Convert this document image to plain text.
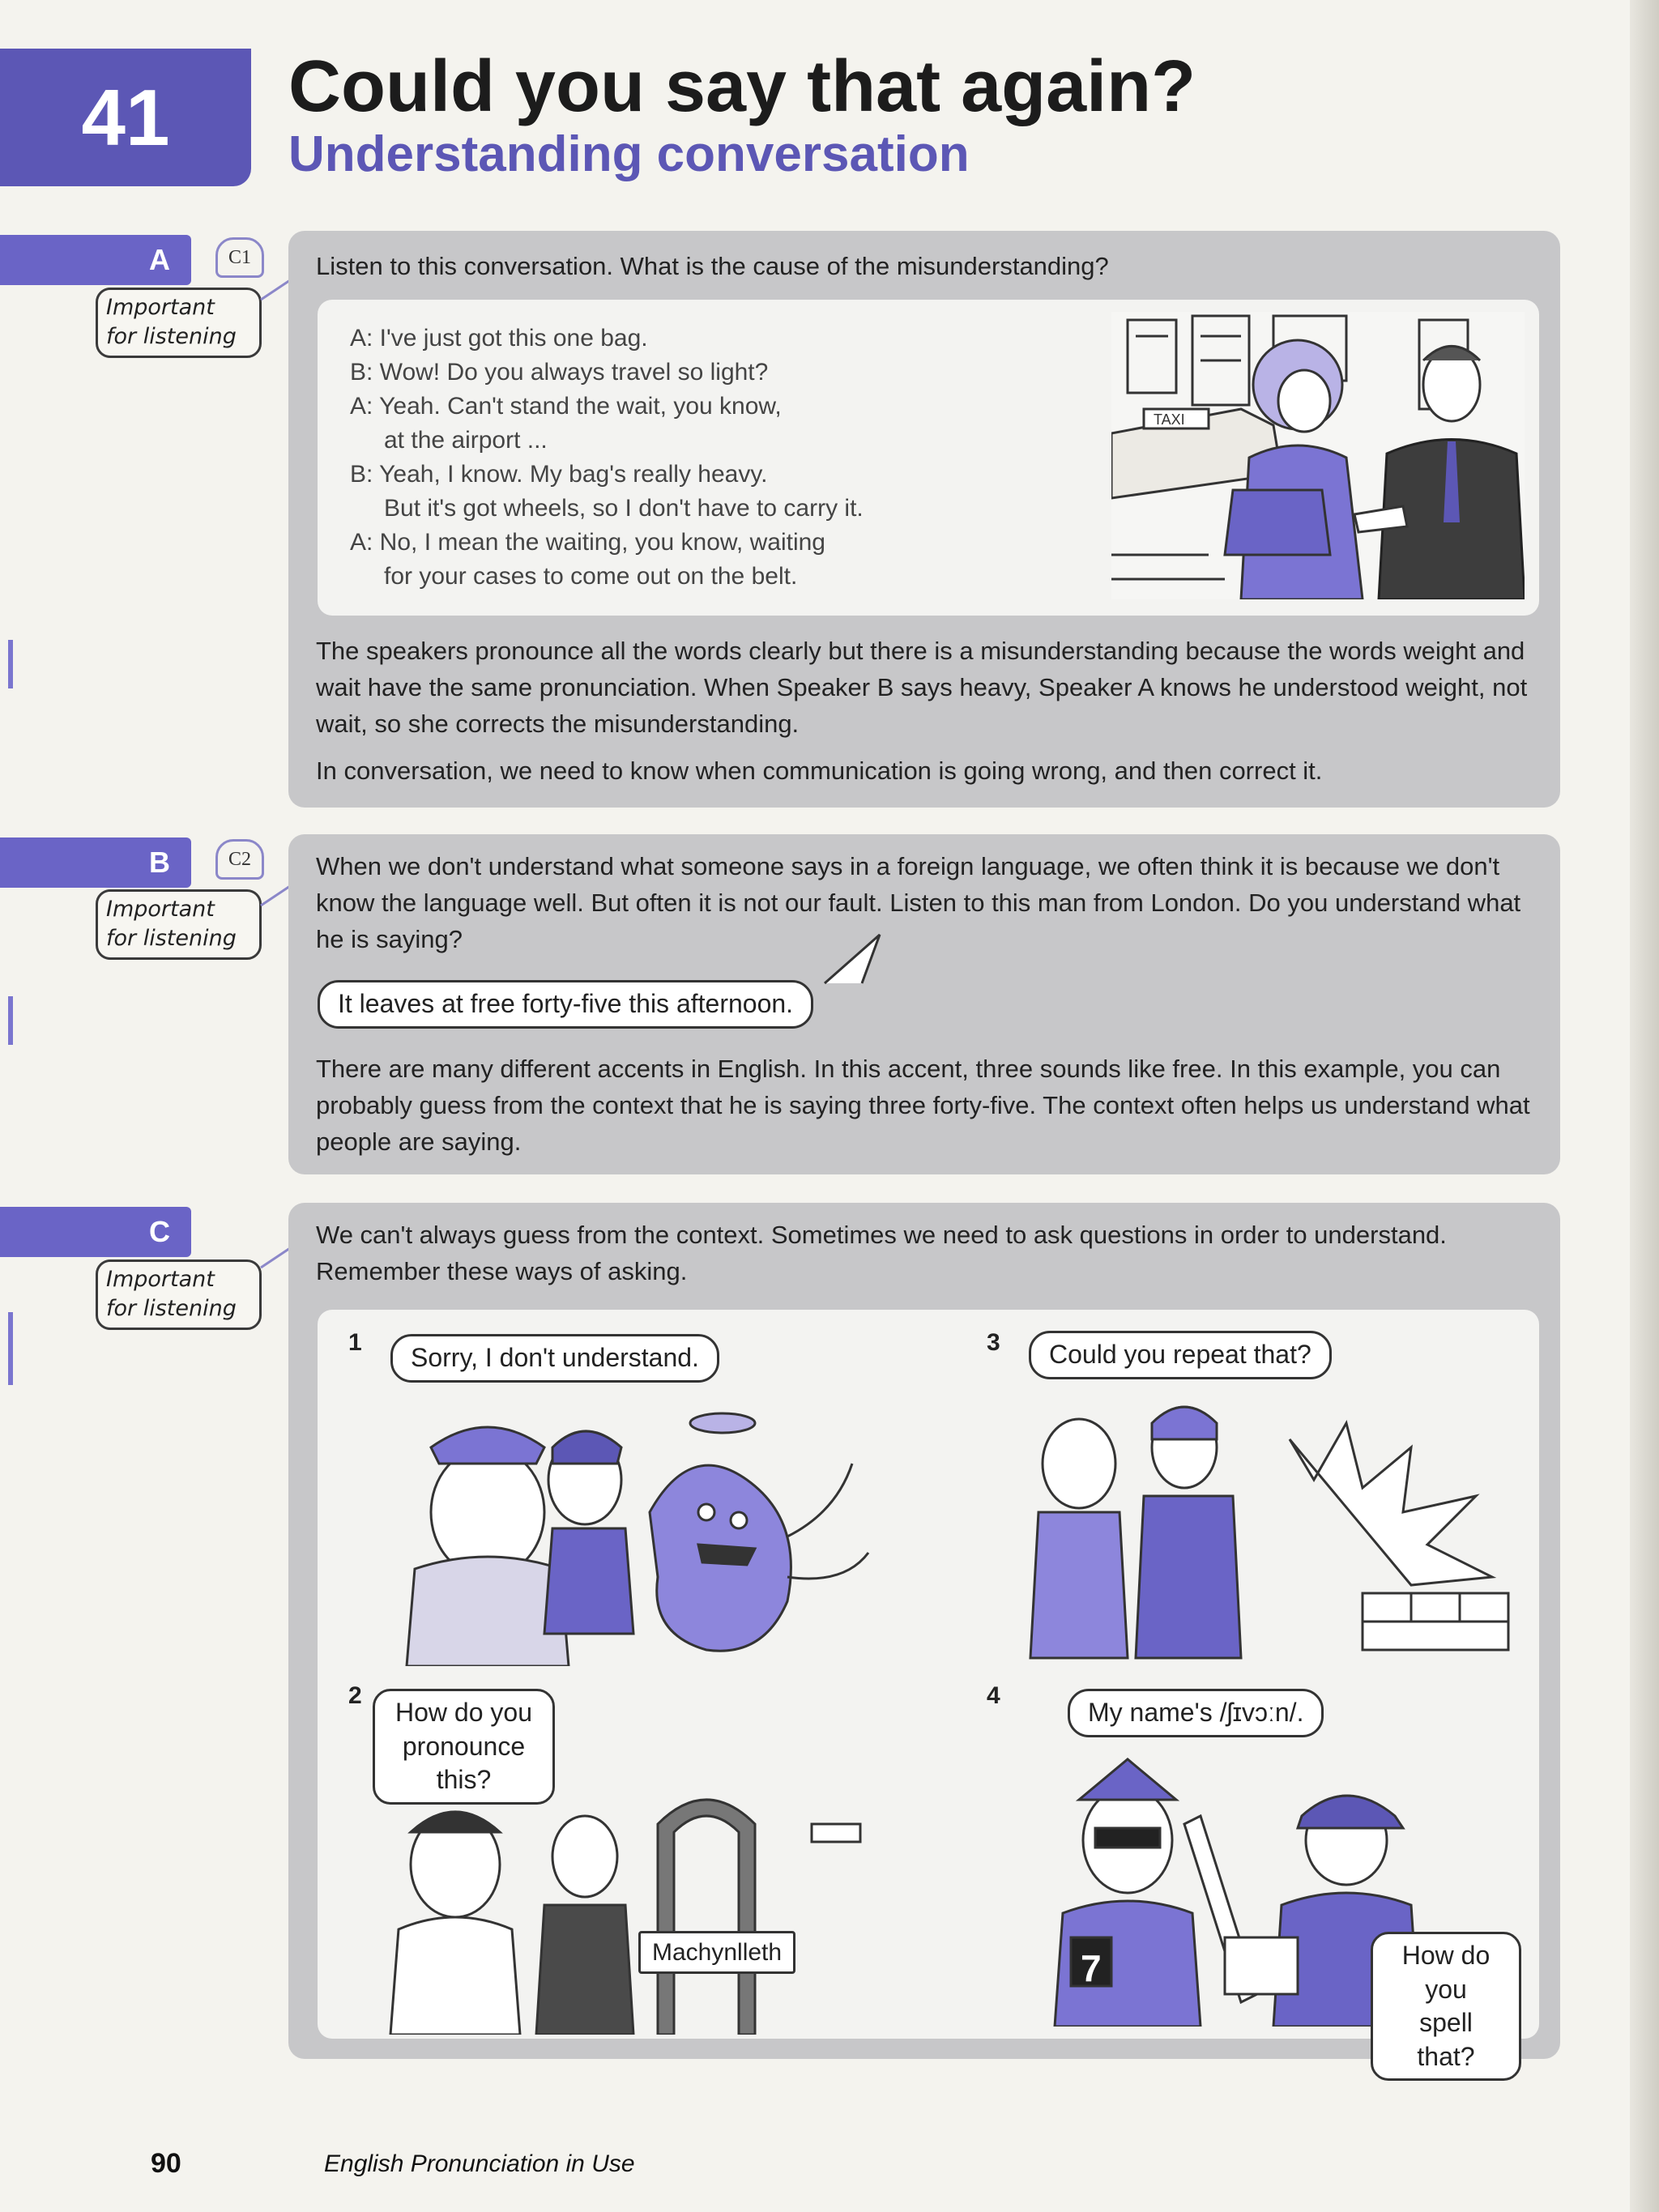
41	Could you say that again?
Understanding conversation
A	C1
Important for listening

Listen to this conversation. What is the cause of the misunderstanding?

A: I've just got this one bag.
B: Wow! Do you always travel so light?
A: Yeah. Can't stand the wait, you know,
at the airport ...
B: Yeah, I know. My bag's really heavy.
But it's got wheels, so I don't have to carry it.
A: No, I mean the waiting, you know, waiting
for your cases to come out on the belt.
TAXI

The speakers pronounce all the words clearly but there is a misunderstanding because the words weight and wait have the same pronunciation. When Speaker B says heavy, Speaker A knows he understood weight, not wait, so she corrects the misunderstanding.

In conversation, we need to know when communication is going wrong, and then correct it.

B	C2
Important for listening

When we don't understand what someone says in a foreign language, we often think it is because we don't know the language well. But often it is not our fault. Listen to this man from London. Do you understand what he is saying?

It leaves at free forty-five this afternoon.

There are many different accents in English. In this accent, three sounds like free. In this example, you can probably guess from the context that he is saying three forty-five. The context often helps us understand what people are saying.

C
Important for listening

We can't always guess from the context. Sometimes we need to ask questions in order to understand. Remember these ways of asking.

1
Sorry, I don't understand.
2
How do you
pronounce this?
Machynlleth
3	Could you repeat that?
4
My name's /ʃɪvɔːn/.
7	How do you
spell that?
90	English Pronunciation in Use
